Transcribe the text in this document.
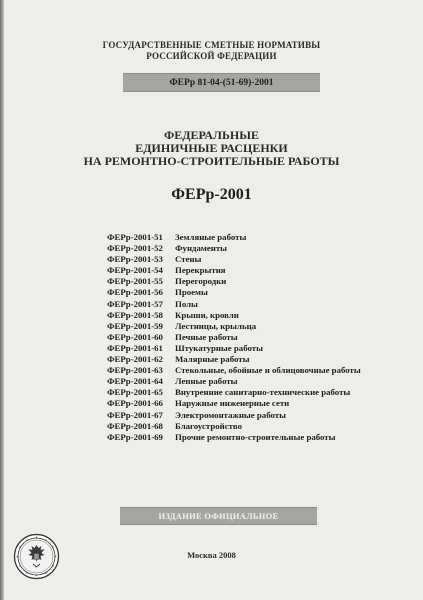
ГОСУДАРСТВЕННЫЕ СМЕТНЫЕ НОРМАТИВЫ
РОССИЙСКОЙ ФЕДЕРАЦИИ
ФЕРр 81-04-(51-69)-2001
ФЕДЕРАЛЬНЫЕ
ЕДИНИЧНЫЕ РАСЦЕНКИ
НА РЕМОНТНО-СТРОИТЕЛЬНЫЕ РАБОТЫ
ФЕРр-2001
ФЕРр-2001-51	Земляные работы
ФЕРр-2001-52	Фундаменты
ФЕРр-2001-53	Стены
ФЕРр-2001-54	Перекрытия
ФЕРр-2001-55	Перегородки
ФЕРр-2001-56	Проемы
ФЕРр-2001-57	Полы
ФЕРр-2001-58	Крыши, кровли
ФЕРр-2001-59	Лестницы, крыльца
ФЕРр-2001-60	Печные работы
ФЕРр-2001-61	Штукатурные работы
ФЕРр-2001-62	Малярные работы
ФЕРр-2001-63	Стекольные, обойные и облицовочные работы
ФЕРр-2001-64	Лепные работы
ФЕРр-2001-65	Внутренние санитарно-технические работы
ФЕРр-2001-66	Наружные инженерные сети
ФЕРр-2001-67	Электромонтажные работы
ФЕРр-2001-68	Благоустройство
ФЕРр-2001-69	Прочие ремонтно-строительные работы
ИЗДАНИЕ ОФИЦИАЛЬНОЕ
Москва 2008
